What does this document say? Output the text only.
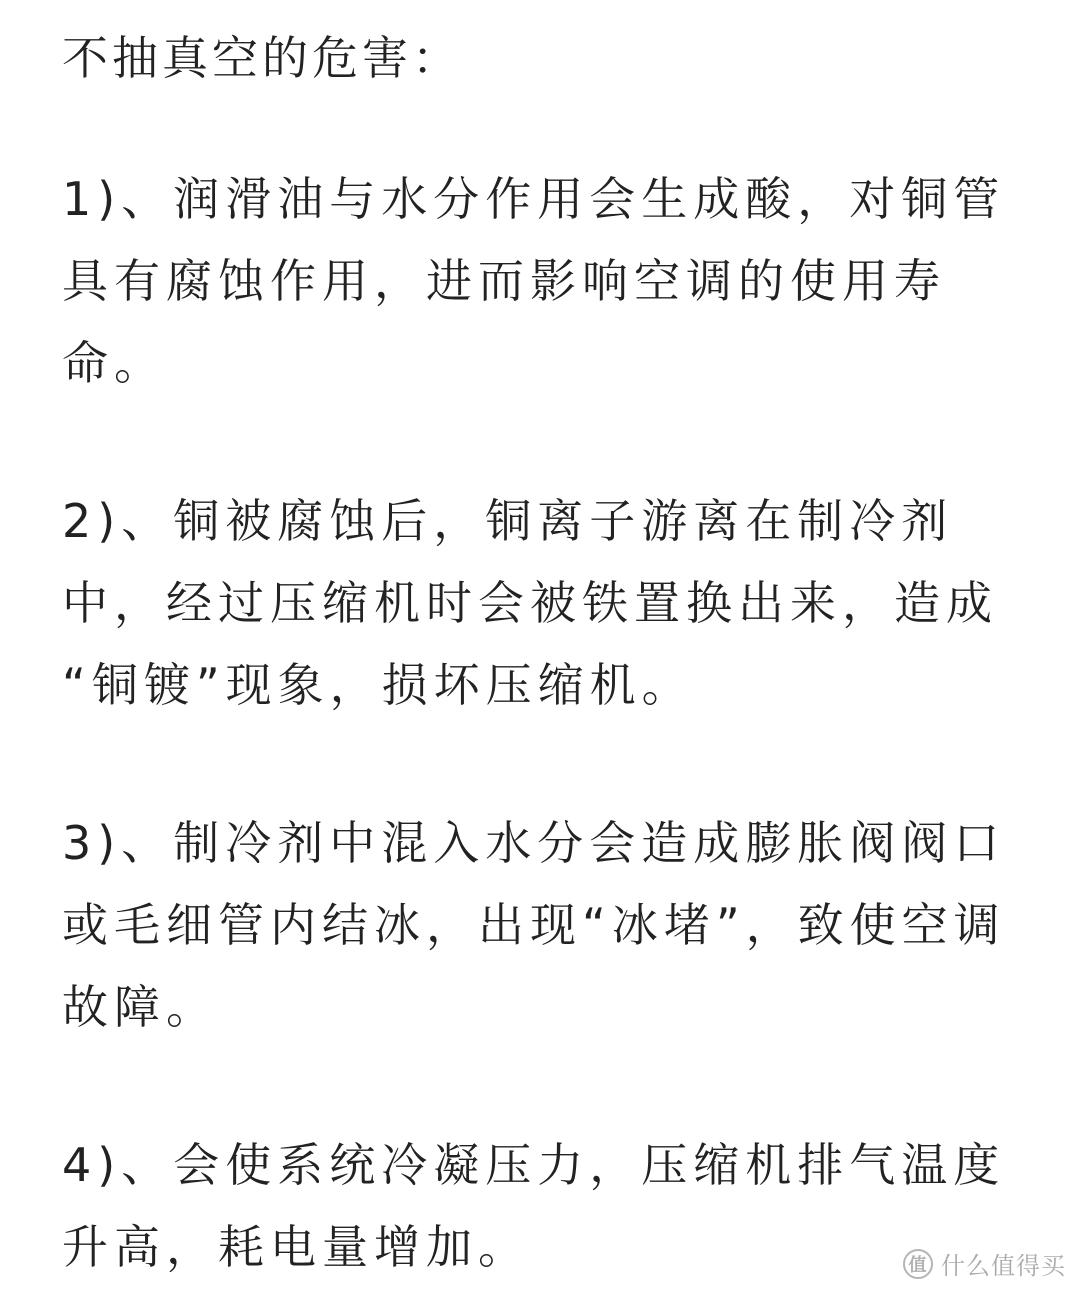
不抽真空的危害：
1)、润滑油与水分作用会生成酸，对铜管
具有腐蚀作用，进而影响空调的使用寿
命。
2)、铜被腐蚀后，铜离子游离在制冷剂
中，经过压缩机时会被铁置换出来，造成
“铜镀”现象，损坏压缩机。
3)、制冷剂中混入水分会造成膨胀阀阀口
或毛细管内结冰，出现“冰堵”，致使空调
故障。
4)、会使系统冷凝压力，压缩机排气温度
升高，耗电量增加。	值 什么值得买
